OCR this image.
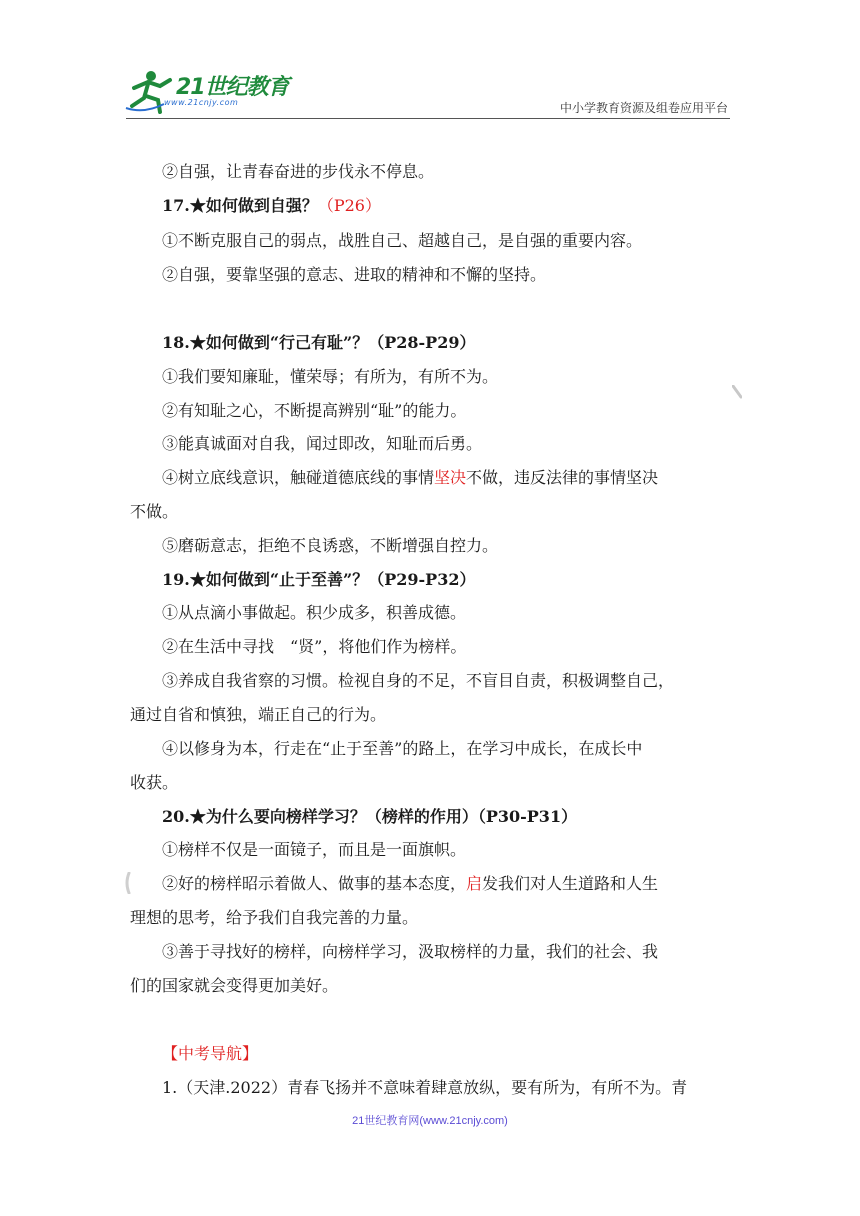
21世纪教育
www.21cnjy.com	中小学教育资源及组卷应用平台
②自强，让青春奋进的步伐永不停息。
17.★如何做到自强？（P26）
①不断克服自己的弱点，战胜自己、超越自己，是自强的重要内容。
②自强，要靠坚强的意志、进取的精神和不懈的坚持。
18.★如何做到“行己有耻”？（P28-P29）
①我们要知廉耻，懂荣辱；有所为，有所不为。
②有知耻之心，不断提高辨别“耻”的能力。
③能真诚面对自我，闻过即改，知耻而后勇。
④树立底线意识，触碰道德底线的事情坚决不做，违反法律的事情坚决
不做。
⑤磨砺意志，拒绝不良诱惑，不断增强自控力。
19.★如何做到“止于至善”？（P29-P32）
①从点滴小事做起。积少成多，积善成德。
②在生活中寻找　“贤”，将他们作为榜样。
③养成自我省察的习惯。检视自身的不足，不盲目自责，积极调整自己，
通过自省和慎独，端正自己的行为。
④以修身为本，行走在“止于至善”的路上，在学习中成长，在成长中
收获。
20.★为什么要向榜样学习？（榜样的作用）（P30-P31）
①榜样不仅是一面镜子，而且是一面旗帜。
②好的榜样昭示着做人、做事的基本态度，启发我们对人生道路和人生
理想的思考，给予我们自我完善的力量。
③善于寻找好的榜样，向榜样学习，汲取榜样的力量，我们的社会、我
们的国家就会变得更加美好。
【中考导航】
1.（天津.2022）青春飞扬并不意味着肆意放纵，要有所为，有所不为。青
21世纪教育网(www.21cnjy.com)
